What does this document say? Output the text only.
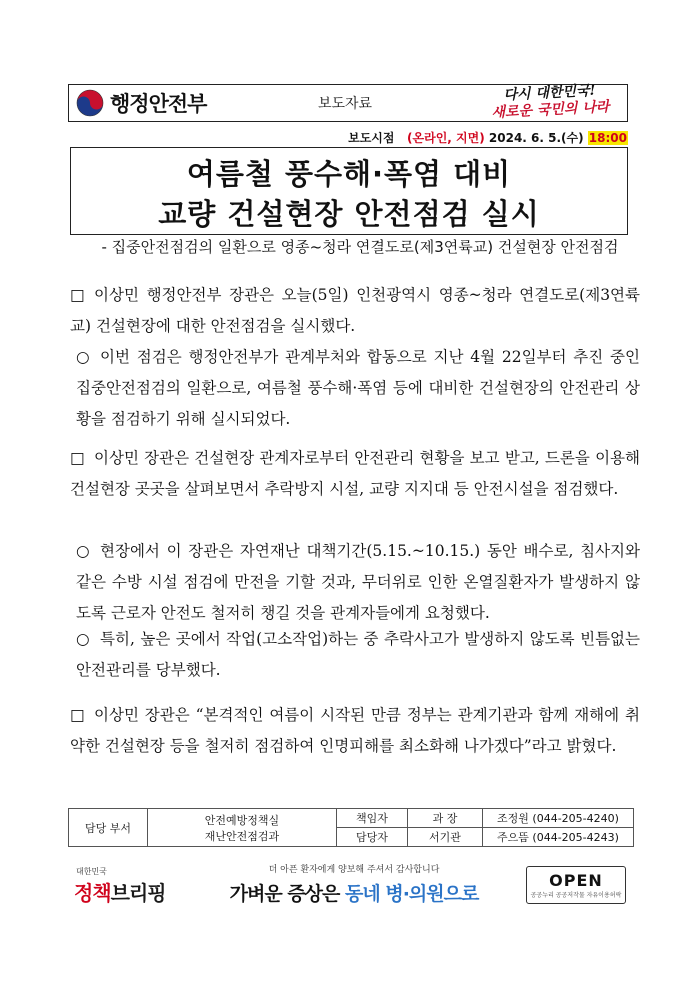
행정안전부	보도자료
다시 대한민국!
새로운 국민의 나라
보도시점 (온라인, 지면) 2024. 6. 5.(수) 18:00
여름철 풍수해·폭염 대비
교량 건설현장 안전점검 실시
- 집중안전점검의 일환으로 영종~청라 연결도로(제3연륙교) 건설현장 안전점검
□ 이상민 행정안전부 장관은 오늘(5일) 인천광역시 영종~청라 연결도로(제3연륙교) 건설현장에 대한 안전점검을 실시했다.
○ 이번 점검은 행정안전부가 관계부처와 합동으로 지난 4월 22일부터 추진 중인 집중안전점검의 일환으로, 여름철 풍수해·폭염 등에 대비한 건설현장의 안전관리 상황을 점검하기 위해 실시되었다.
□ 이상민 장관은 건설현장 관계자로부터 안전관리 현황을 보고 받고, 드론을 이용해 건설현장 곳곳을 살펴보면서 추락방지 시설, 교량 지지대 등 안전시설을 점검했다.
○ 현장에서 이 장관은 자연재난 대책기간(5.15.~10.15.) 동안 배수로, 침사지와 같은 수방 시설 점검에 만전을 기할 것과, 무더위로 인한 온열질환자가 발생하지 않도록 근로자 안전도 철저히 챙길 것을 관계자들에게 요청했다.
○ 특히, 높은 곳에서 작업(고소작업)하는 중 추락사고가 발생하지 않도록 빈틈없는 안전관리를 당부했다.
□ 이상민 장관은 “본격적인 여름이 시작된 만큼 정부는 관계기관과 함께 재해에 취약한 건설현장 등을 철저히 점검하여 인명피해를 최소화해 나가겠다”라고 밝혔다.
담당 부서	안전예방정책실
재난안전점검과	책임자	과 장	조정원 (044-205-4240)
		담당자	서기관	주으뜸 (044-205-4243)
대한민국
정책브리핑
더 아픈 환자에게 양보해 주셔서 감사합니다
가벼운 증상은 동네 병·의원으로
OPEN
공공누리 공공저작물 자유이용허락
